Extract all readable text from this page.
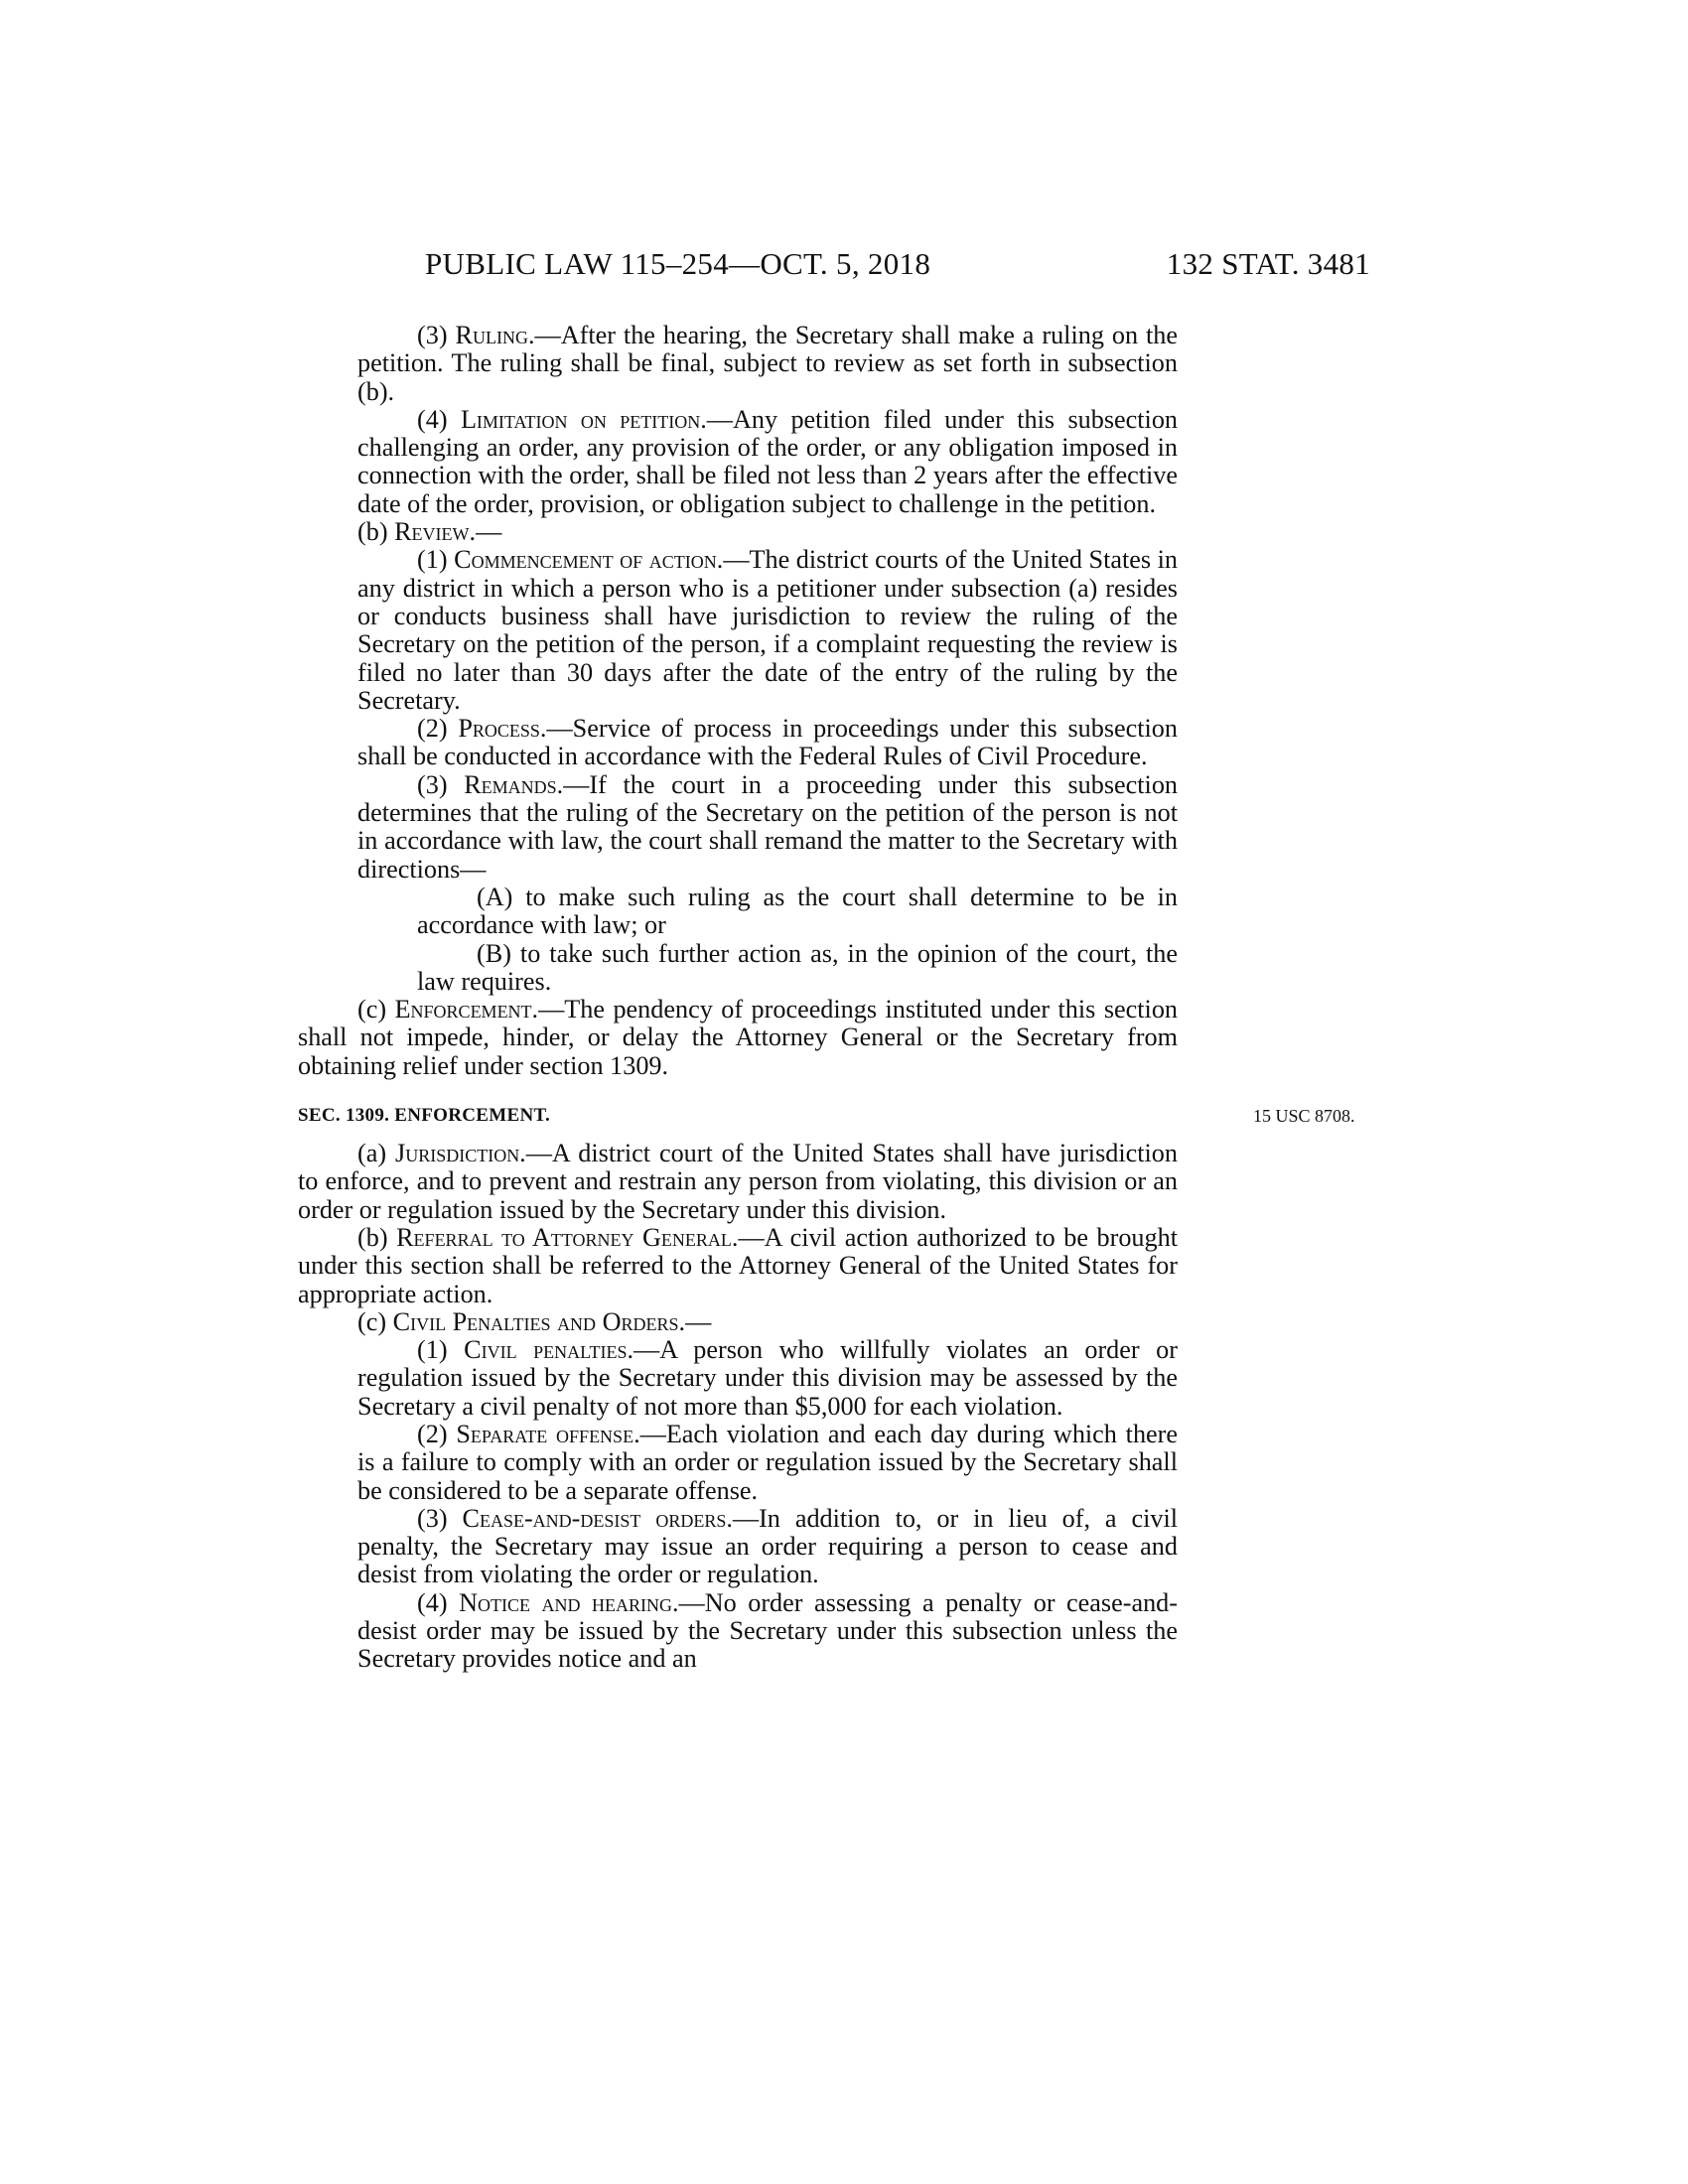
PUBLIC LAW 115–254—OCT. 5, 2018	132 STAT. 3481

(3) Ruling.—After the hearing, the Secretary shall make a ruling on the petition. The ruling shall be final, subject to review as set forth in subsection (b).

(4) Limitation on petition.—Any petition filed under this subsection challenging an order, any provision of the order, or any obligation imposed in connection with the order, shall be filed not less than 2 years after the effective date of the order, provision, or obligation subject to challenge in the petition.

(b) Review.—

(1) Commencement of action.—The district courts of the United States in any district in which a person who is a petitioner under subsection (a) resides or conducts business shall have jurisdiction to review the ruling of the Secretary on the petition of the person, if a complaint requesting the review is filed no later than 30 days after the date of the entry of the ruling by the Secretary.

(2) Process.—Service of process in proceedings under this subsection shall be conducted in accordance with the Federal Rules of Civil Procedure.

(3) Remands.—If the court in a proceeding under this subsection determines that the ruling of the Secretary on the petition of the person is not in accordance with law, the court shall remand the matter to the Secretary with directions—

(A) to make such ruling as the court shall determine to be in accordance with law; or

(B) to take such further action as, in the opinion of the court, the law requires.

(c) Enforcement.—The pendency of proceedings instituted under this section shall not impede, hinder, or delay the Attorney General or the Secretary from obtaining relief under section 1309.

SEC. 1309. ENFORCEMENT.	15 USC 8708.

(a) Jurisdiction.—A district court of the United States shall have jurisdiction to enforce, and to prevent and restrain any person from violating, this division or an order or regulation issued by the Secretary under this division.

(b) Referral to Attorney General.—A civil action authorized to be brought under this section shall be referred to the Attorney General of the United States for appropriate action.

(c) Civil Penalties and Orders.—

(1) Civil penalties.—A person who willfully violates an order or regulation issued by the Secretary under this division may be assessed by the Secretary a civil penalty of not more than $5,000 for each violation.

(2) Separate offense.—Each violation and each day during which there is a failure to comply with an order or regulation issued by the Secretary shall be considered to be a separate offense.

(3) Cease-and-desist orders.—In addition to, or in lieu of, a civil penalty, the Secretary may issue an order requiring a person to cease and desist from violating the order or regulation.

(4) Notice and hearing.—No order assessing a penalty or cease-and-desist order may be issued by the Secretary under this subsection unless the Secretary provides notice and an
